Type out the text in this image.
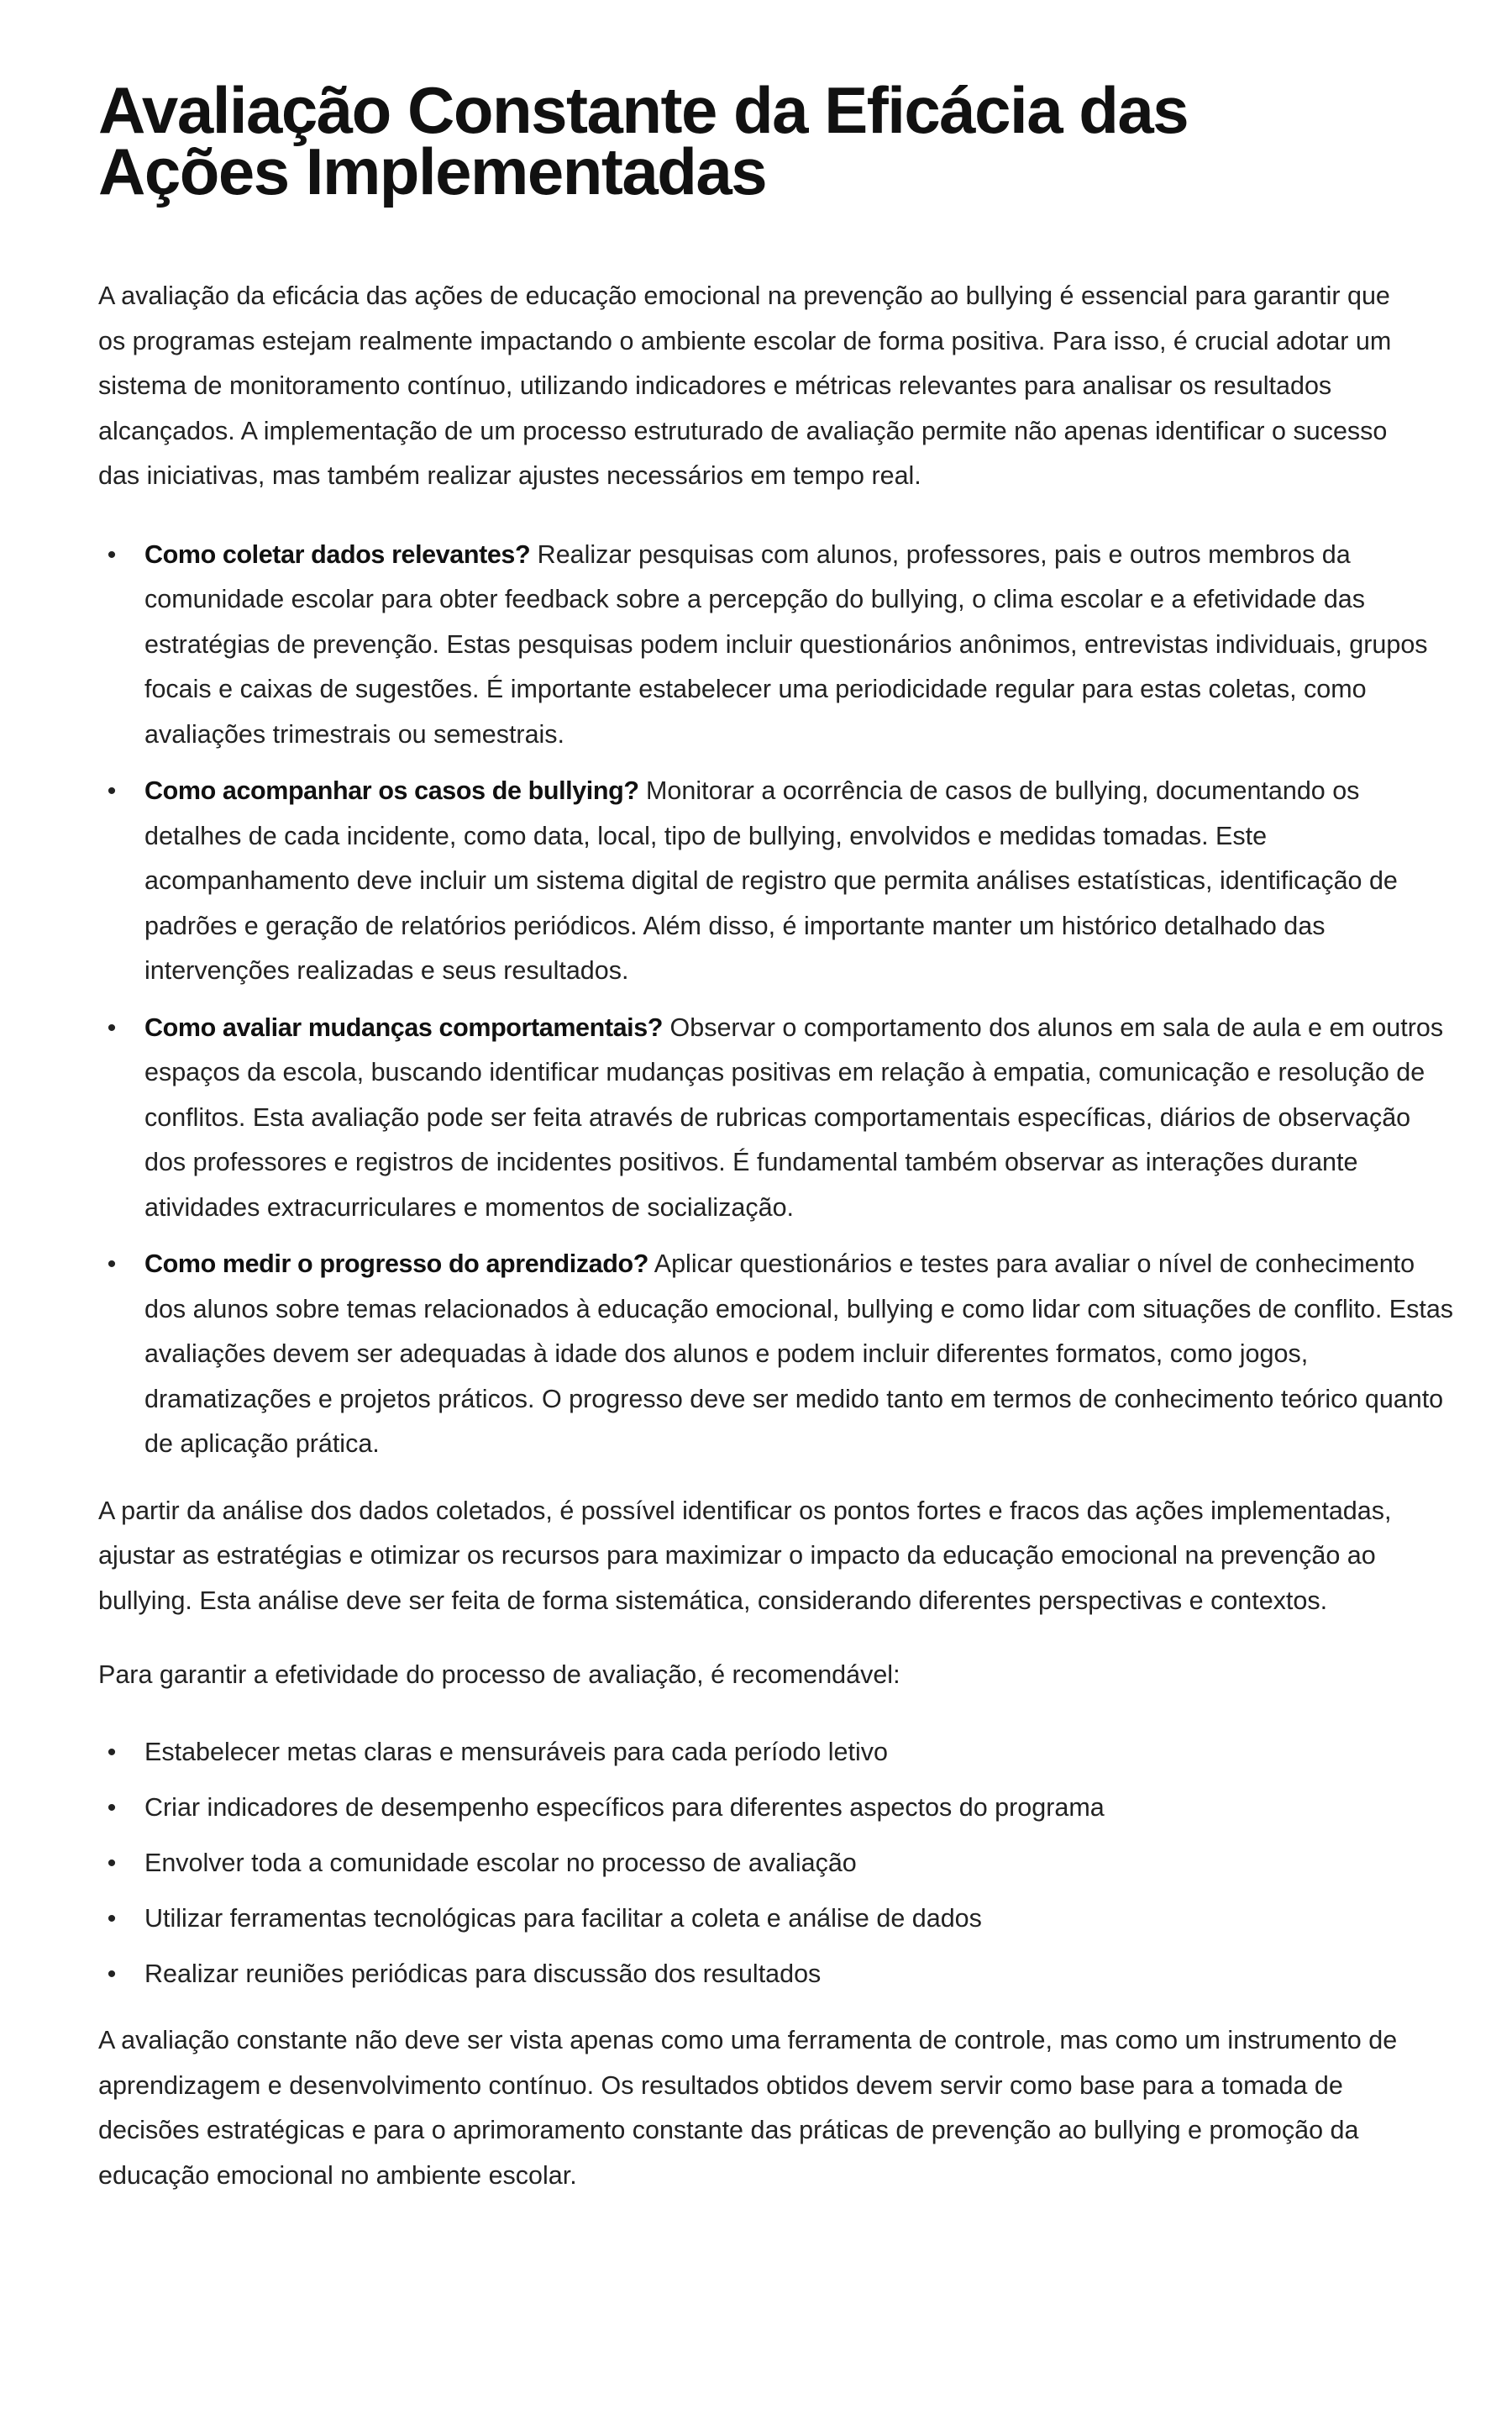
Avaliação Constante da Eficácia das
Ações Implementadas

A avaliação da eficácia das ações de educação emocional na prevenção ao bullying é essencial para garantir que os programas estejam realmente impactando o ambiente escolar de forma positiva. Para isso, é crucial adotar um sistema de monitoramento contínuo, utilizando indicadores e métricas relevantes para analisar os resultados alcançados. A implementação de um processo estruturado de avaliação permite não apenas identificar o sucesso das iniciativas, mas também realizar ajustes necessários em tempo real.

• Como coletar dados relevantes? Realizar pesquisas com alunos, professores, pais e outros membros da comunidade escolar para obter feedback sobre a percepção do bullying, o clima escolar e a efetividade das estratégias de prevenção. Estas pesquisas podem incluir questionários anônimos, entrevistas individuais, grupos focais e caixas de sugestões. É importante estabelecer uma periodicidade regular para estas coletas, como avaliações trimestrais ou semestrais.
• Como acompanhar os casos de bullying? Monitorar a ocorrência de casos de bullying, documentando os detalhes de cada incidente, como data, local, tipo de bullying, envolvidos e medidas tomadas. Este acompanhamento deve incluir um sistema digital de registro que permita análises estatísticas, identificação de padrões e geração de relatórios periódicos. Além disso, é importante manter um histórico detalhado das intervenções realizadas e seus resultados.
• Como avaliar mudanças comportamentais? Observar o comportamento dos alunos em sala de aula e em outros espaços da escola, buscando identificar mudanças positivas em relação à empatia, comunicação e resolução de conflitos. Esta avaliação pode ser feita através de rubricas comportamentais específicas, diários de observação dos professores e registros de incidentes positivos. É fundamental também observar as interações durante atividades extracurriculares e momentos de socialização.
• Como medir o progresso do aprendizado? Aplicar questionários e testes para avaliar o nível de conhecimento dos alunos sobre temas relacionados à educação emocional, bullying e como lidar com situações de conflito. Estas avaliações devem ser adequadas à idade dos alunos e podem incluir diferentes formatos, como jogos, dramatizações e projetos práticos. O progresso deve ser medido tanto em termos de conhecimento teórico quanto de aplicação prática.

A partir da análise dos dados coletados, é possível identificar os pontos fortes e fracos das ações implementadas, ajustar as estratégias e otimizar os recursos para maximizar o impacto da educação emocional na prevenção ao bullying. Esta análise deve ser feita de forma sistemática, considerando diferentes perspectivas e contextos.

Para garantir a efetividade do processo de avaliação, é recomendável:

• Estabelecer metas claras e mensuráveis para cada período letivo
• Criar indicadores de desempenho específicos para diferentes aspectos do programa
• Envolver toda a comunidade escolar no processo de avaliação
• Utilizar ferramentas tecnológicas para facilitar a coleta e análise de dados
• Realizar reuniões periódicas para discussão dos resultados

A avaliação constante não deve ser vista apenas como uma ferramenta de controle, mas como um instrumento de aprendizagem e desenvolvimento contínuo. Os resultados obtidos devem servir como base para a tomada de decisões estratégicas e para o aprimoramento constante das práticas de prevenção ao bullying e promoção da educação emocional no ambiente escolar.
